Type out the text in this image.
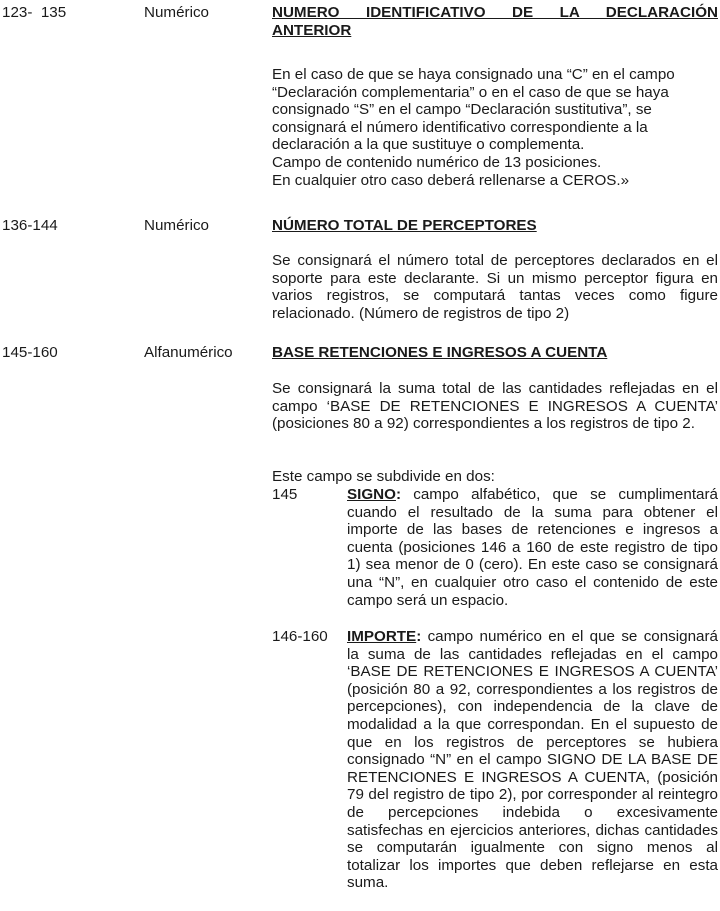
123-  135	Numérico	NUMERO IDENTIFICATIVO DE LA DECLARACIÓN
ANTERIOR
En el caso de que se haya consignado una “C” en el campo
“Declaración complementaria” o en el caso de que se haya
consignado “S” en el campo “Declaración sustitutiva”, se
consignará el número identificativo correspondiente a la
declaración a la que sustituye o complementa.
Campo de contenido numérico de 13 posiciones.
En cualquier otro caso deberá rellenarse a CEROS.»
136-144	Numérico	NÚMERO TOTAL DE PERCEPTORES

Se consignará el número total de perceptores declarados en el soporte para este declarante. Si un mismo perceptor figura en varios registros, se computará tantas veces como figure relacionado. (Número de registros de tipo 2)

145-160	Alfanumérico	BASE RETENCIONES E INGRESOS A CUENTA

Se consignará la suma total de las cantidades reflejadas en el campo ‘BASE DE RETENCIONES E INGRESOS A CUENTA’ (posiciones 80 a 92) correspondientes a los registros de tipo 2.

Este campo se subdivide en dos:

145	SIGNO: campo alfabético, que se cumplimentará cuando el resultado de la suma para obtener el importe de las bases de retenciones e ingresos a cuenta (posiciones 146 a 160 de este registro de tipo 1) sea menor de 0 (cero). En este caso se consignará una “N”, en cualquier otro caso el contenido de este campo será un espacio.

146-160 IMPORTE: campo numérico en el que se consignará la suma de las cantidades reflejadas en el campo ‘BASE DE RETENCIONES E INGRESOS A CUENTA’ (posición 80 a 92, correspondientes a los registros de percepciones), con independencia de la clave de modalidad a la que correspondan. En el supuesto de que en los registros de perceptores se hubiera consignado “N” en el campo SIGNO DE LA BASE DE RETENCIONES E INGRESOS A CUENTA, (posición 79 del registro de tipo 2), por corresponder al reintegro de percepciones indebida o excesivamente satisfechas en ejercicios anteriores, dichas cantidades se computarán igualmente con signo menos al totalizar los importes que deben reflejarse en esta suma.
